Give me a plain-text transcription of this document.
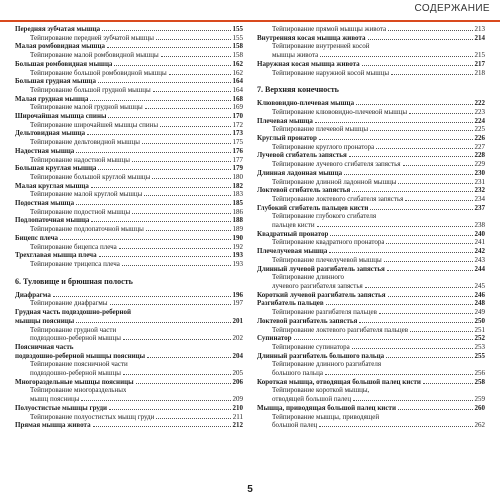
СОДЕРЖАНИЕ
Передняя зубчатая мышца	155
Тейпирование передней зубчатой мышцы	155
Малая ромбовидная мышца	158
Тейпирование малой ромбовидной мышцы	158
Большая ромбовидная мышца	162
Тейпирование большой ромбовидной мышцы	162
Большая грудная мышца	164
Тейпирование большой грудной мышцы	164
Малая грудная мышца	168
Тейпирование малой грудной мышцы	169
Широчайшая мышца спины	170
Тейпирование широчайшей мышцы спины	172
Дельтовидная мышца	173
Тейпирование дельтовидной мышцы	175
Надостная мышца	176
Тейпирование надостной мышцы	177
Большая круглая мышца	179
Тейпирование большой круглой мышцы	180
Малая круглая мышца	182
Тейпирование малой круглой мышцы	183
Подостная мышца	185
Тейпирование подостной мышцы	186
Подлопаточная мышца	188
Тейпирование подлопаточной мышцы	189
Бицепс плеча	190
Тейпирование бицепса плеча	192
Трехглавая мышца плеча	193
Тейпирование трицепса плеча	193
6. Туловище и брюшная полость
Диафрагма	196
Тейпирование диафрагмы	197
Грудная часть подвздошно-реберной
мышцы поясницы	201
Тейпирование грудной части
подвздошно-реберной мышцы	202
Поясничная часть
подвздошно-реберной мышцы поясницы	204
Тейпирование поясничной части
подвздошно-реберной мышцы	205
Многораздельные мышцы поясницы	206
Тейпирование многораздельных
мышц поясницы	209
Полуостистые мышцы груди	210
Тейпирование полуостистых мышц груди	211
Прямая мышца живота	212
Тейпирование прямой мышцы живота	213
Внутренняя косая мышца живота	214
Тейпирование внутренней косой
мышцы живота	215
Наружная косая мышца живота	217
Тейпирование наружной косой мышцы	218
7. Верхняя конечность
Клювовидно-плечевая мышца	222
Тейпирование клювовидно-плечевой мышцы	223
Плечевая мышца	224
Тейпирование плечевой мышцы	225
Круглый пронатор	226
Тейпирование круглого пронатора	227
Лучевой сгибатель запястья	228
Тейпирование лучевого сгибателя запястья	229
Длинная ладонная мышца	230
Тейпирование длинной ладонной мышцы	231
Локтевой сгибатель запястья	232
Тейпирование локтевого сгибателя запястья	234
Глубокий сгибатель пальцев кисти	237
Тейпирование глубокого сгибателя
пальцев кисти	238
Квадратный пронатор	240
Тейпирование квадратного пронатора	241
Плечелучевая мышца	242
Тейпирование плечелучевой мышцы	243
Длинный лучевой разгибатель запястья	244
Тейпирование длинного
лучевого разгибателя запястья	245
Короткий лучевой разгибатель запястья	246
Разгибатель пальцев	248
Тейпирование разгибателя пальцев	249
Локтевой разгибатель запястья	250
Тейпирование локтевого разгибателя пальцев	251
Супинатор	252
Тейпирование супинатора	253
Длинный разгибатель большого пальца	255
Тейпирование длинного разгибателя
большого пальца	256
Короткая мышца, отводящая большой палец кисти	258
Тейпирование короткой мышцы,
отводящей большой палец	259
Мышца, приводящая большой палец кисти	260
Тейпирование мышцы, приводящей
большой палец	262
5
